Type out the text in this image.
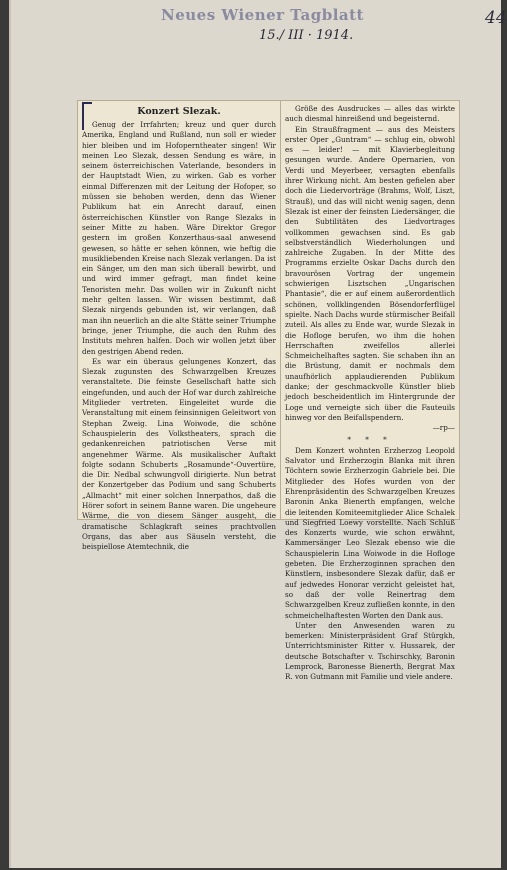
Neues Wiener Tagblatt
15./ III · 1914.
44
Konzert Slezak.

Genug der Irrfahrten; kreuz und quer durch Amerika, England und Rußland, nun soll er wieder hier bleiben und im Hofoperntheater singen! Wir meinen Leo Slezak, dessen Sendung es wäre, in seinem österreichischen Vaterlande, besonders in der Hauptstadt Wien, zu wirken. Gab es vorher einmal Differenzen mit der Leitung der Hofoper, so müssen sie behoben werden, denn das Wiener Publikum hat ein Anrecht darauf, einen österreichischen Künstler von Range Slezaks in seiner Mitte zu haben. Wäre Direktor Gregor gestern im großen Konzerthaus-saal anwesend gewesen, so hätte er sehen können, wie heftig die musikliebenden Kreise nach Slezak verlangen. Da ist ein Sänger, um den man sich überall bewirbt, und und wird immer gefragt, man findet keine Tenoristen mehr. Das wollen wir in Zukunft nicht mehr gelten lassen. Wir wissen bestimmt, daß Slezak nirgends gebunden ist, wir verlangen, daß man ihn neuerlich an die alte Stätte seiner Triumphe bringe, jener Triumphe, die auch den Ruhm des Instituts mehren halfen. Doch wir wollen jetzt über den gestrigen Abend reden.

Es war ein überaus gelungenes Konzert, das Slezak zugunsten des Schwarzgelben Kreuzes veranstaltete. Die feinste Gesellschaft hatte sich eingefunden, und auch der Hof war durch zahlreiche Mitglieder vertreten. Eingeleitet wurde die Veranstaltung mit einem feinsinnigen Geleitwort von Stephan Zweig. Lina Woiwode, die schöne Schauspielerin des Volkstheaters, sprach die gedankenreichen patriotischen Verse mit angenehmer Wärme. Als musikalischer Auftakt folgte sodann Schuberts „Rosamunde“-Ouvertüre, die Dir. Nedbal schwungvoll dirigierte. Nun betrat der Konzertgeber das Podium und sang Schuberts „Allmacht“ mit einer solchen Innerpathos, daß die Hörer sofort in seinem Banne waren. Die ungeheure Wärme, die von diesem Sänger ausgeht, die dramatische Schlagkraft seines prachtvollen Organs, das aber aus Säuseln versteht, die beispiellose Atemtechnik, die

Größe des Ausdruckes — alles das wirkte auch diesmal hinreißend und begeisternd.

Ein Straußfragment — aus des Meisters erster Oper „Guntram“ — schlug ein, obwohl es — leider! — mit Klavierbegleitung gesungen wurde. Andere Opernarien, von Verdi und Meyerbeer, versagten ebenfalls ihrer Wirkung nicht. Am besten gefielen aber doch die Liedervorträge (Brahms, Wolf, Liszt, Strauß), und das will nicht wenig sagen, denn Slezak ist einer der feinsten Liedersänger, die den Subtilitäten des Liedvortrages vollkommen gewachsen sind. Es gab selbstverständlich Wiederholungen und zahlreiche Zugaben. In der Mitte des Programms erzielte Oskar Dachs durch den bravourösen Vortrag der ungemein schwierigen Lisztschen „Ungarischen Phantasie“, die er auf einem außerordentlich schönen, vollklingenden Bösendorferflügel spielte. Nach Dachs wurde stürmischer Beifall zuteil. Als alles zu Ende war, wurde Slezak in die Hofloge berufen, wo ihm die hohen Herrschaften zweifellos allerlei Schmeichelhaftes sagten. Sie schaben ihn an die Brüstung, damit er nochmals dem unaufhörlich applaudierenden Publikum danke; der geschmackvolle Künstler blieb jedoch bescheidentlich im Hintergrunde der Loge und verneigte sich über die Fauteuils hinweg vor den Beifallspendern.

—rp—

* * *

Dem Konzert wohnten Erzherzog Leopold Salvator und Erzherzogin Blanka mit ihren Töchtern sowie Erzherzogin Gabriele bei. Die Mitglieder des Hofes wurden von der Ehrenpräsidentin des Schwarzgelben Kreuzes Baronin Anka Bienerth empfangen, welche die leitenden Komiteemitglieder Alice Schalek und Siegfried Loewy vorstellte. Nach Schluß des Konzerts wurde, wie schon erwähnt, Kammersänger Leo Slezak ebenso wie die Schauspielerin Lina Woiwode in die Hofloge gebeten. Die Erzherzoginnen sprachen den Künstlern, insbesondere Slezak dafür, daß er auf jedwedes Honorar verzicht geleistet hat, so daß der volle Reinertrag dem Schwarzgelben Kreuz zufließen konnte, in den schmeichelhaftesten Worten den Dank aus.

Unter den Anwesenden waren zu bemerken: Ministerpräsident Graf Stürgkh, Unterrichtsminister Ritter v. Hussarek, der deutsche Botschafter v. Tschirschky, Baronin Lemprock, Baronesse Bienerth, Bergrat Max R. von Gutmann mit Familie und viele andere.
